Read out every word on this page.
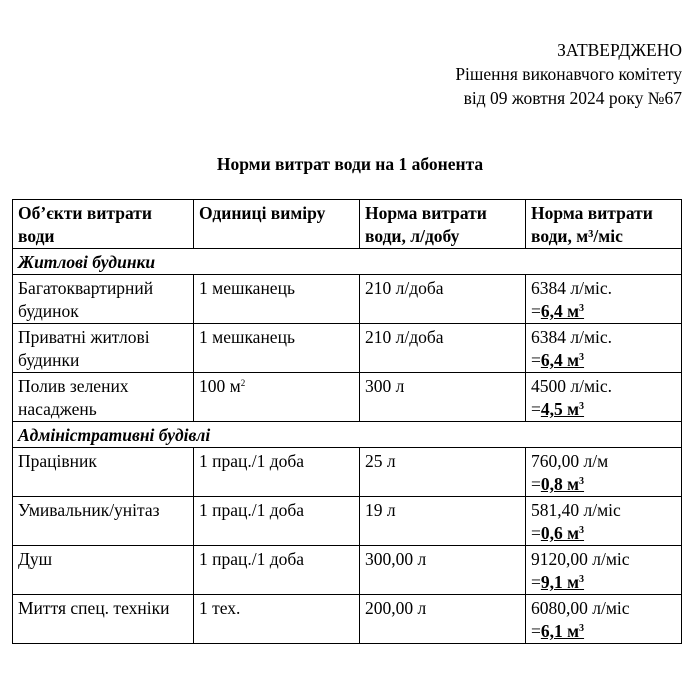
ЗАТВЕРДЖЕНО
Рішення виконавчого комітету
від 09 жовтня 2024 року №67
Норми витрат води на 1 абонента
Об’єкти витрати води	Одиниці виміру	Норма витрати води, л/добу	Норма витрати води, м³/міс
Житлові будинки			
Багатоквартирний будинок	1 мешканець	210 л/доба	6384 л/міс.
=6,4 $м^3$

Приватні житлові будинки	1 мешканець	210 л/доба	6384 л/міс.
=6,4 $м^3$

Полив зелених насаджень	100 $м^2$	300 л	4500 л/міс.
=4,5 $м^3$

Адміністративні будівлі			
Працівник	1 прац./1 доба	25 л	760,00 л/м
=0,8 $м^3$

Умивальник/унітаз	1 прац./1 доба	19 л	581,40 л/міс
=0,6 $м^3$

Душ	1 прац./1 доба	300,00 л	9120,00 л/міс
=9,1 $м^3$

Миття спец. техніки	1 тех.	200,00 л	6080,00 л/міс
=6,1 $м^3$
